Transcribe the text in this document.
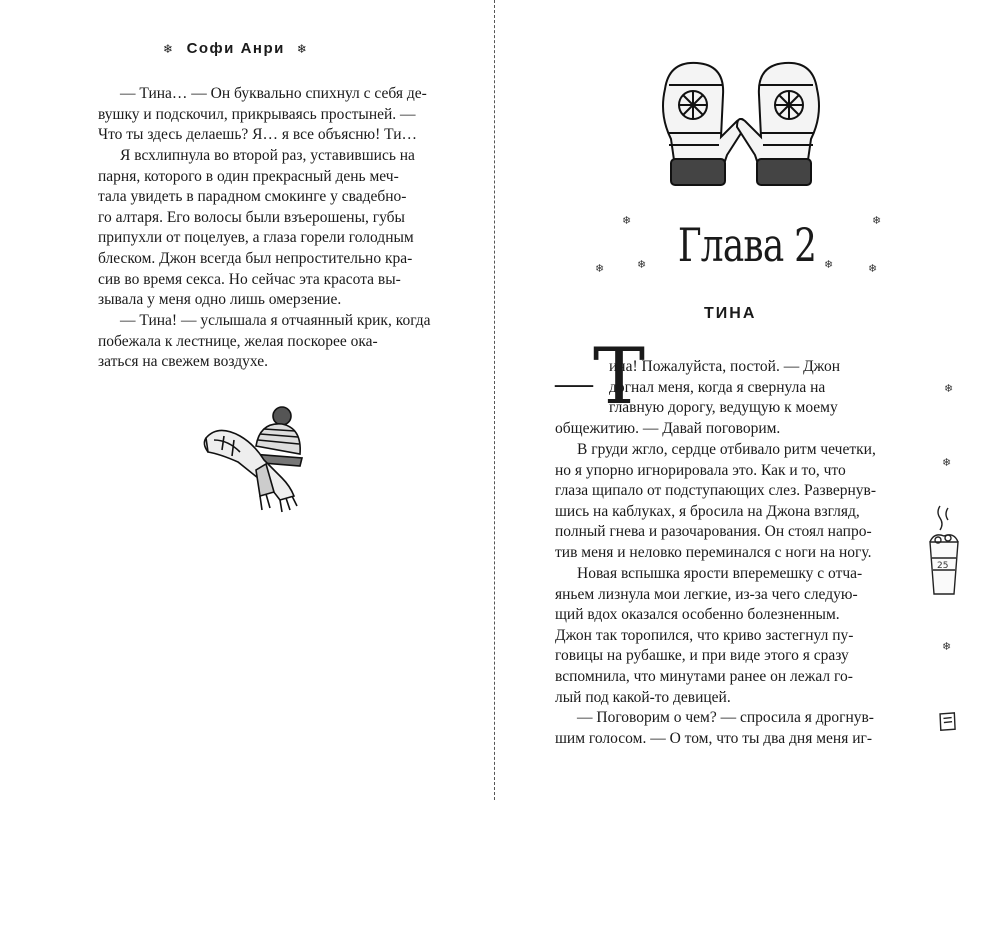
❄ Софи Анри ❄

— Тина… — Он буквально спихнул с себя де-
вушку и подскочил, прикрываясь простыней. —
Что ты здесь делаешь? Я… я все объясню! Ти…

Я всхлипнула во второй раз, уставившись на
парня, которого в один прекрасный день меч-
тала увидеть в парадном смокинге у свадебно-
го алтаря. Его волосы были взъерошены, губы
припухли от поцелуев, а глаза горели голодным
блеском. Джон всегда был непростительно кра-
сив во время секса. Но сейчас эта красота вы-
зывала у меня одно лишь омерзение.

— Тина! — услышала я отчаянный крик, когда
побежала к лестнице, желая поскорее ока-
заться на свежем воздухе.

❄	❄
❄	❄	❄	❄
Глава 2
ТИНА
— Т

ина! Пожалуйста, постой. — Джон
догнал меня, когда я свернула на
главную дорогу, ведущую к моему

общежитию. — Давай поговорим.

В груди жгло, сердце отбивало ритм чечетки,
но я упорно игнорировала это. Как и то, что
глаза щипало от подступающих слез. Развернув-
шись на каблуках, я бросила на Джона взгляд,
полный гнева и разочарования. Он стоял напро-
тив меня и неловко переминался с ноги на ногу.

Новая вспышка ярости вперемешку с отча-
яньем лизнула мои легкие, из-за чего следую-
щий вдох оказался особенно болезненным.
Джон так торопился, что криво застегнул пу-
говицы на рубашке, и при виде этого я сразу
вспомнила, что минутами ранее он лежал го-
лый под какой-то девицей.

— Поговорим о чем? — спросила я дрогнув-
шим голосом. — О том, что ты два дня меня иг-

❄
❄
25
❄
